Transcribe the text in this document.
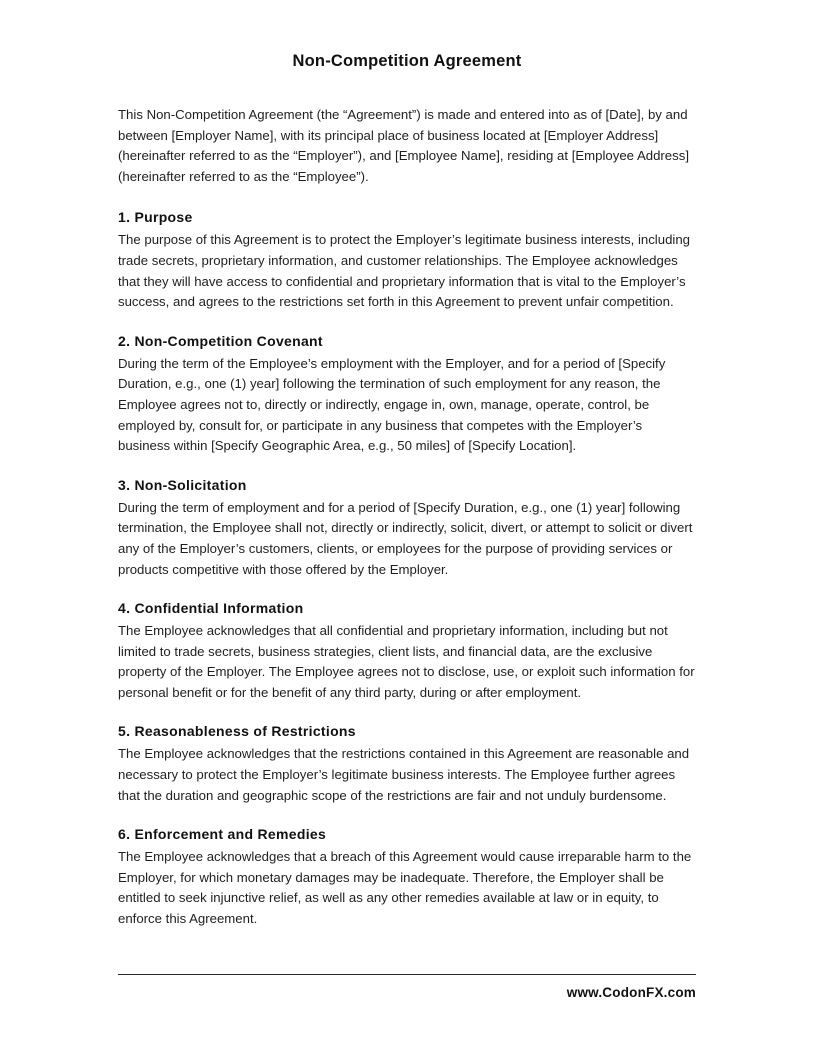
Non-Competition Agreement

This Non-Competition Agreement (the “Agreement”) is made and entered into as of [Date], by and between [Employer Name], with its principal place of business located at [Employer Address] (hereinafter referred to as the “Employer”), and [Employee Name], residing at [Employee Address] (hereinafter referred to as the “Employee”).

1. Purpose

The purpose of this Agreement is to protect the Employer’s legitimate business interests, including trade secrets, proprietary information, and customer relationships. The Employee acknowledges that they will have access to confidential and proprietary information that is vital to the Employer’s success, and agrees to the restrictions set forth in this Agreement to prevent unfair competition.

2. Non-Competition Covenant

During the term of the Employee’s employment with the Employer, and for a period of [Specify Duration, e.g., one (1) year] following the termination of such employment for any reason, the Employee agrees not to, directly or indirectly, engage in, own, manage, operate, control, be employed by, consult for, or participate in any business that competes with the Employer’s business within [Specify Geographic Area, e.g., 50 miles] of [Specify Location].

3. Non-Solicitation

During the term of employment and for a period of [Specify Duration, e.g., one (1) year] following termination, the Employee shall not, directly or indirectly, solicit, divert, or attempt to solicit or divert any of the Employer’s customers, clients, or employees for the purpose of providing services or products competitive with those offered by the Employer.

4. Confidential Information

The Employee acknowledges that all confidential and proprietary information, including but not limited to trade secrets, business strategies, client lists, and financial data, are the exclusive property of the Employer. The Employee agrees not to disclose, use, or exploit such information for personal benefit or for the benefit of any third party, during or after employment.

5. Reasonableness of Restrictions

The Employee acknowledges that the restrictions contained in this Agreement are reasonable and necessary to protect the Employer’s legitimate business interests. The Employee further agrees that the duration and geographic scope of the restrictions are fair and not unduly burdensome.

6. Enforcement and Remedies

The Employee acknowledges that a breach of this Agreement would cause irreparable harm to the Employer, for which monetary damages may be inadequate. Therefore, the Employer shall be entitled to seek injunctive relief, as well as any other remedies available at law or in equity, to enforce this Agreement.

www.CodonFX.com
